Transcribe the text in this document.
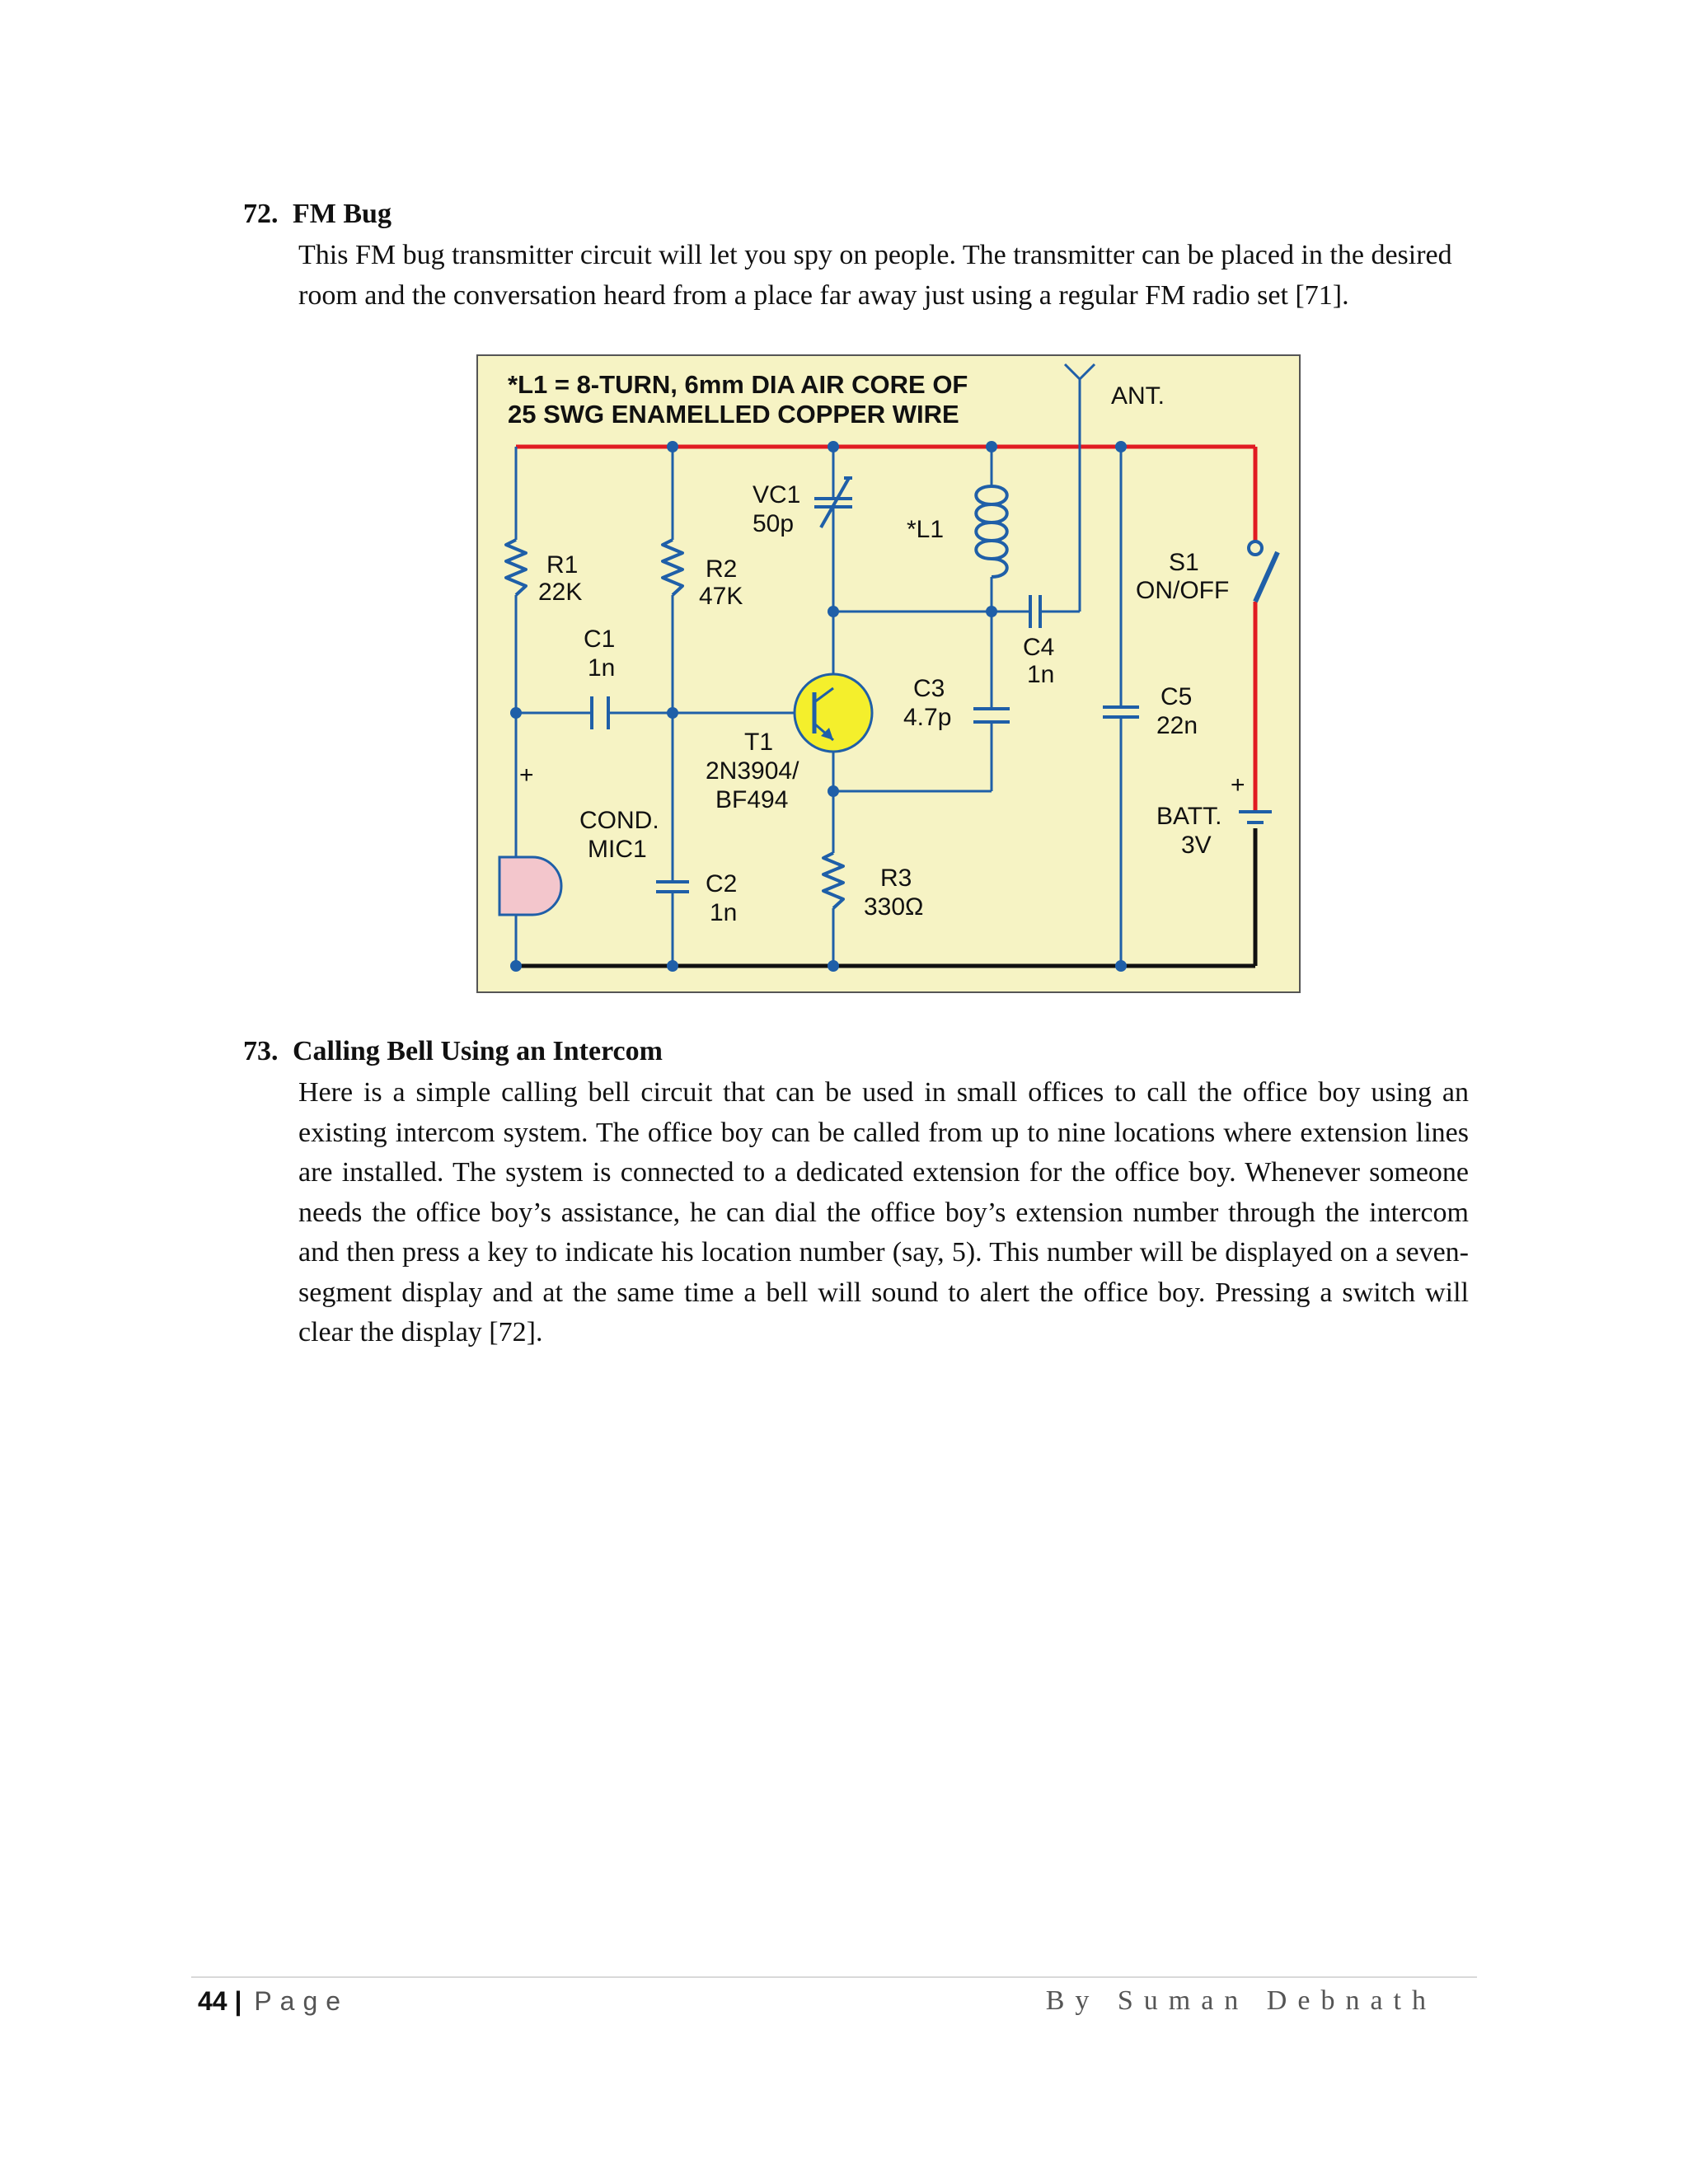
72. FM Bug
This FM bug transmitter circuit will let you spy on people. The transmitter can be placed in the desired room and the conversation heard from a place far away just using a regular FM radio set [71].
*L1 = 8-TURN, 6mm DIA AIR CORE OF
25 SWG ENAMELLED COPPER WIRE
ANT.
VC1
50p	*L1
R1
22K
R2
47K
S1
ON/OFF
C1
1n
C4
1n
C3
4.7p
C5
22n
T1
2N3904/
BF494
+
COND.
MIC1
+
BATT.
3V
C2
1n
R3
330Ω
73. Calling Bell Using an Intercom
Here is a simple calling bell circuit that can be used in small offices to call the office boy using an existing intercom system. The office boy can be called from up to nine locations where extension lines are installed. The system is connected to a dedicated extension for the office boy. Whenever someone needs the office boy’s assistance, he can dial the office boy’s extension number through the intercom and then press a key to indicate his location number (say, 5). This number will be displayed on a seven-segment display and at the same time a bell will sound to alert the office boy. Pressing a switch will clear the display [72].
44 | Page	By Suman Debnath
